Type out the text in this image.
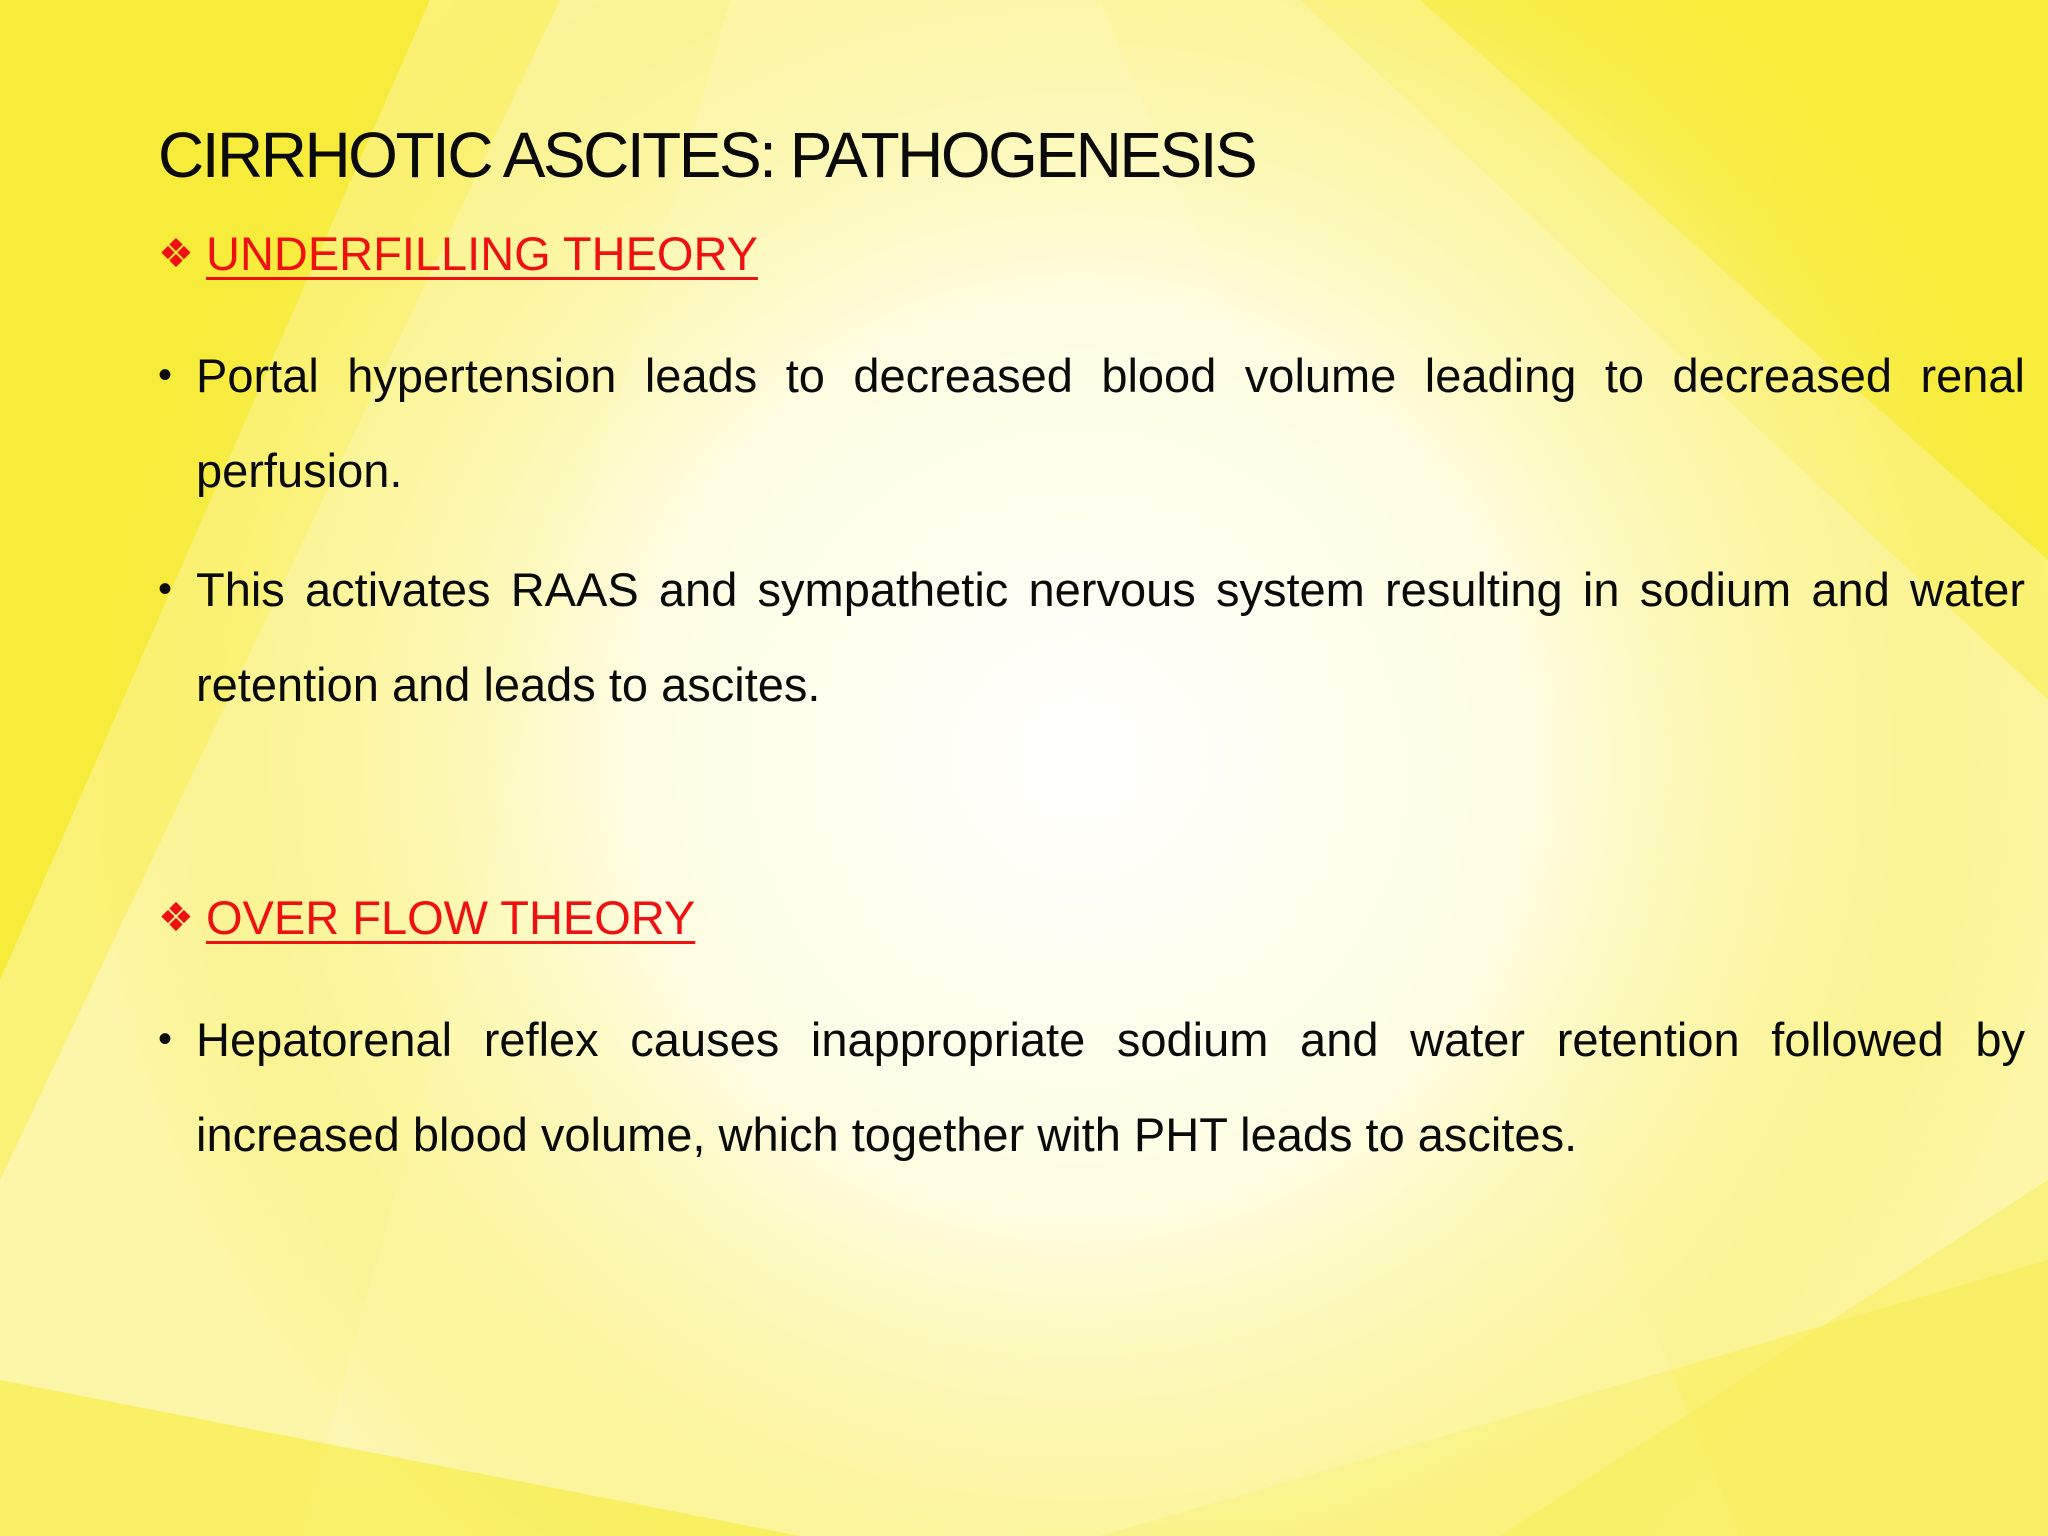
CIRRHOTIC ASCITES: PATHOGENESIS
❖ UNDERFILLING THEORY
• Portal hypertension leads to decreased blood volume leading to decreased renal perfusion.
• This activates RAAS and sympathetic nervous system resulting in sodium and water retention and leads to ascites.
❖ OVER FLOW THEORY
• Hepatorenal reflex causes inappropriate sodium and water retention followed by increased blood volume, which together with PHT leads to ascites.
